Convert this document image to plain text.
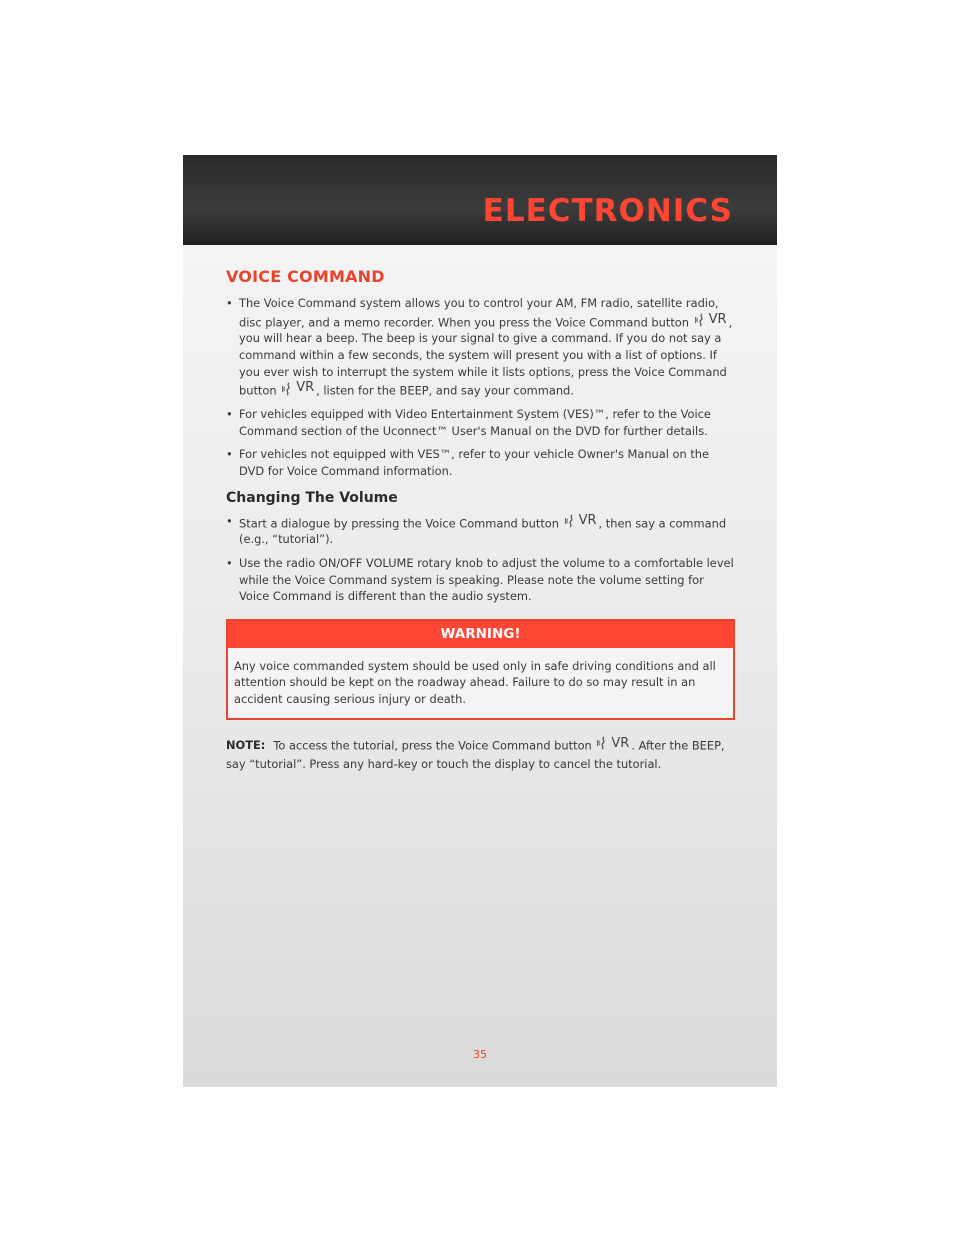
ELECTRONICS
VOICE COMMAND
• The Voice Command system allows you to control your AM, FM radio, satellite radio, disc player, and a memo recorder. When you press the Voice Command button VR , you will hear a beep. The beep is your signal to give a command. If you do not say a command within a few seconds, the system will present you with a list of options. If you ever wish to interrupt the system while it lists options, press the Voice Command button VR , listen for the BEEP, and say your command.
• For vehicles equipped with Video Entertainment System (VES)™, refer to the Voice Command section of the Uconnect™ User's Manual on the DVD for further details.
• For vehicles not equipped with VES™, refer to your vehicle Owner's Manual on the DVD for Voice Command information.
Changing The Volume
• Start a dialogue by pressing the Voice Command button VR , then say a command (e.g., “tutorial”).
• Use the radio ON/OFF VOLUME rotary knob to adjust the volume to a comfortable level while the Voice Command system is speaking. Please note the volume setting for Voice Command is different than the audio system.
WARNING!
Any voice commanded system should be used only in safe driving conditions and all attention should be kept on the roadway ahead. Failure to do so may result in an accident causing serious injury or death.
NOTE: To access the tutorial, press the Voice Command button VR . After the BEEP, say “tutorial”. Press any hard-key or touch the display to cancel the tutorial.
35
